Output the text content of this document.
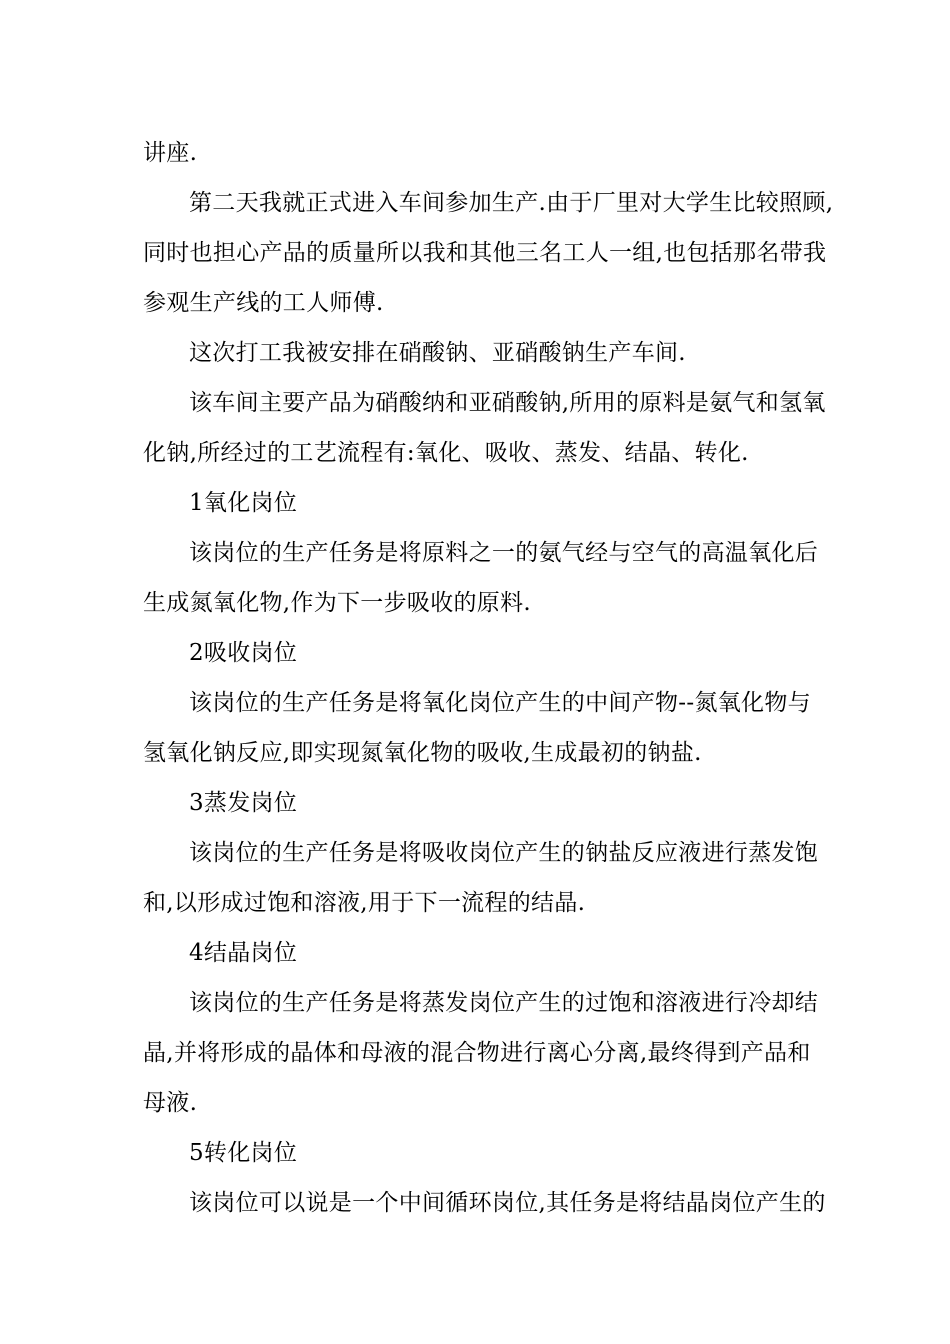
讲座.
第二天我就正式进入车间参加生产.由于厂里对大学生比较照顾,
同时也担心产品的质量所以我和其他三名工人一组,也包括那名带我
参观生产线的工人师傅.
这次打工我被安排在硝酸钠、亚硝酸钠生产车间.
该车间主要产品为硝酸纳和亚硝酸钠,所用的原料是氨气和氢氧
化钠,所经过的工艺流程有:氧化、吸收、蒸发、结晶、转化.
1氧化岗位
该岗位的生产任务是将原料之一的氨气经与空气的高温氧化后
生成氮氧化物,作为下一步吸收的原料.
2吸收岗位
该岗位的生产任务是将氧化岗位产生的中间产物--氮氧化物与
氢氧化钠反应,即实现氮氧化物的吸收,生成最初的钠盐.
3蒸发岗位
该岗位的生产任务是将吸收岗位产生的钠盐反应液进行蒸发饱
和,以形成过饱和溶液,用于下一流程的结晶.
4结晶岗位
该岗位的生产任务是将蒸发岗位产生的过饱和溶液进行冷却结
晶,并将形成的晶体和母液的混合物进行离心分离,最终得到产品和
母液.
5转化岗位
该岗位可以说是一个中间循环岗位,其任务是将结晶岗位产生的
